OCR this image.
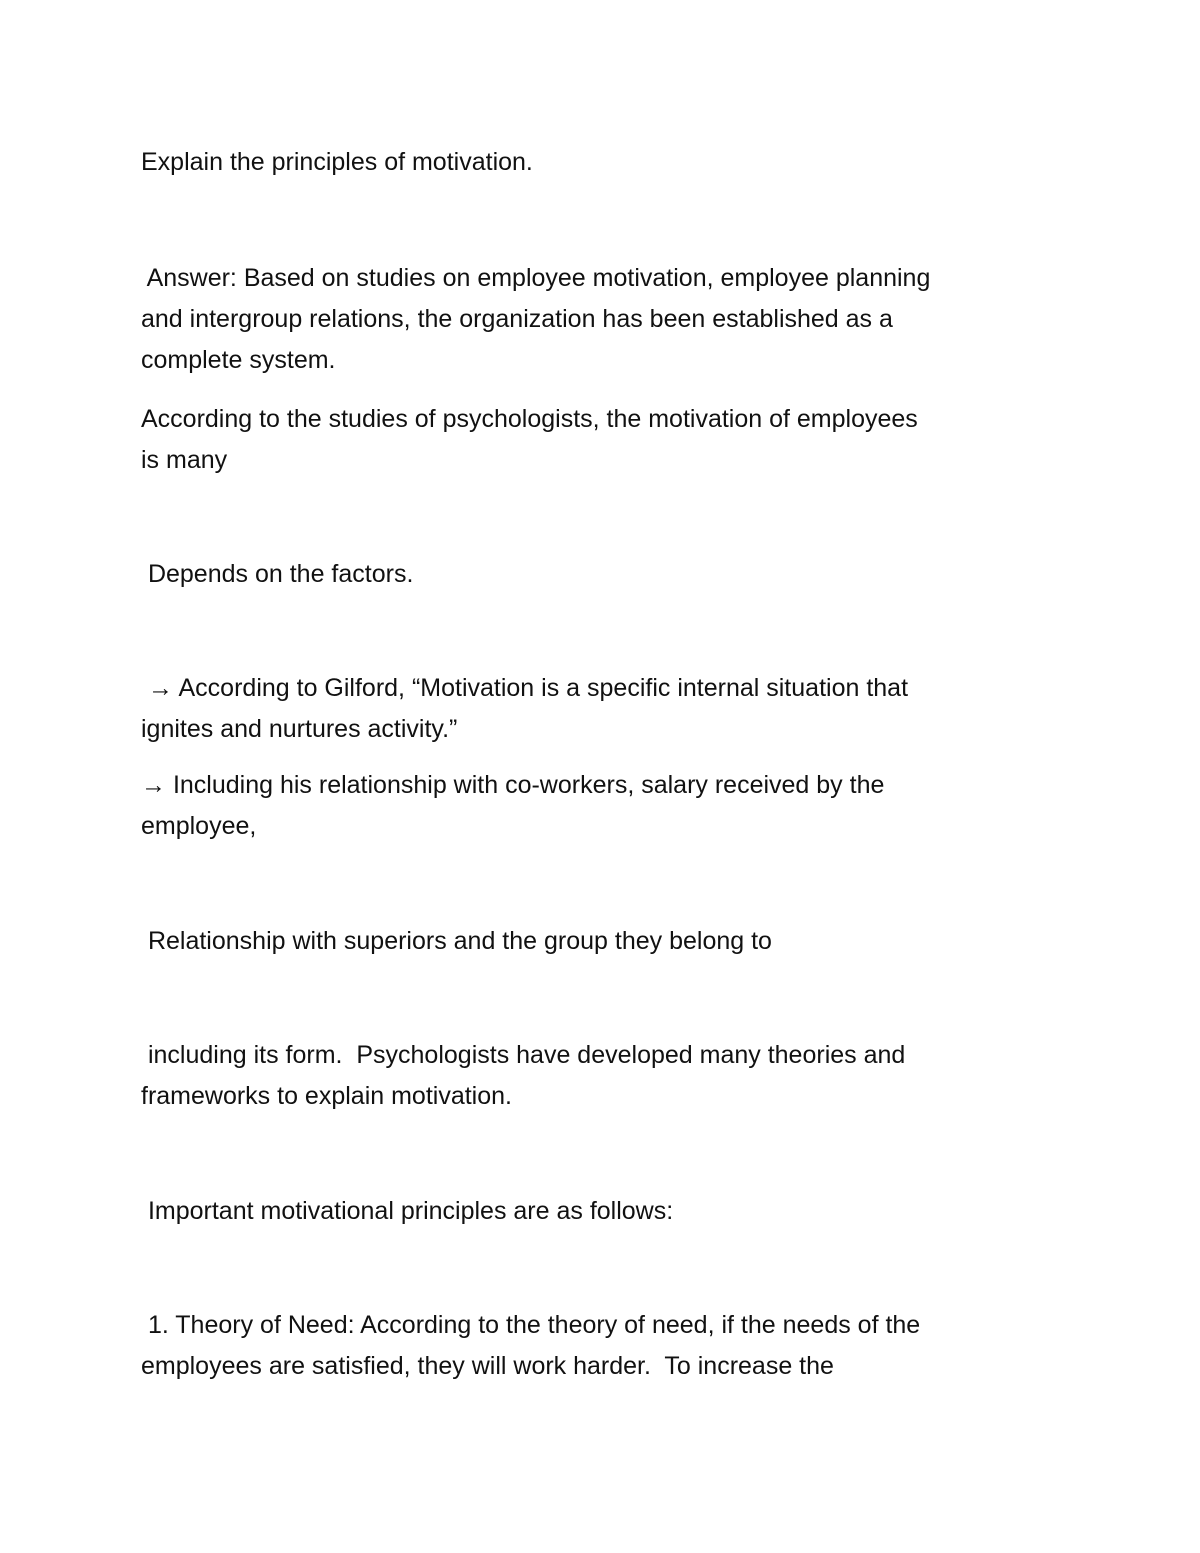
Explain the principles of motivation.

Answer: Based on studies on employee motivation, employee planning

and intergroup relations, the organization has been established as a

complete system.

According to the studies of psychologists, the motivation of employees

is many

Depends on the factors.

→ According to Gilford, “Motivation is a specific internal situation that

ignites and nurtures activity.”

→ Including his relationship with co-workers, salary received by the

employee,

Relationship with superiors and the group they belong to

including its form.  Psychologists have developed many theories and

frameworks to explain motivation.

Important motivational principles are as follows:

1. Theory of Need: According to the theory of need, if the needs of the

employees are satisfied, they will work harder.  To increase the
